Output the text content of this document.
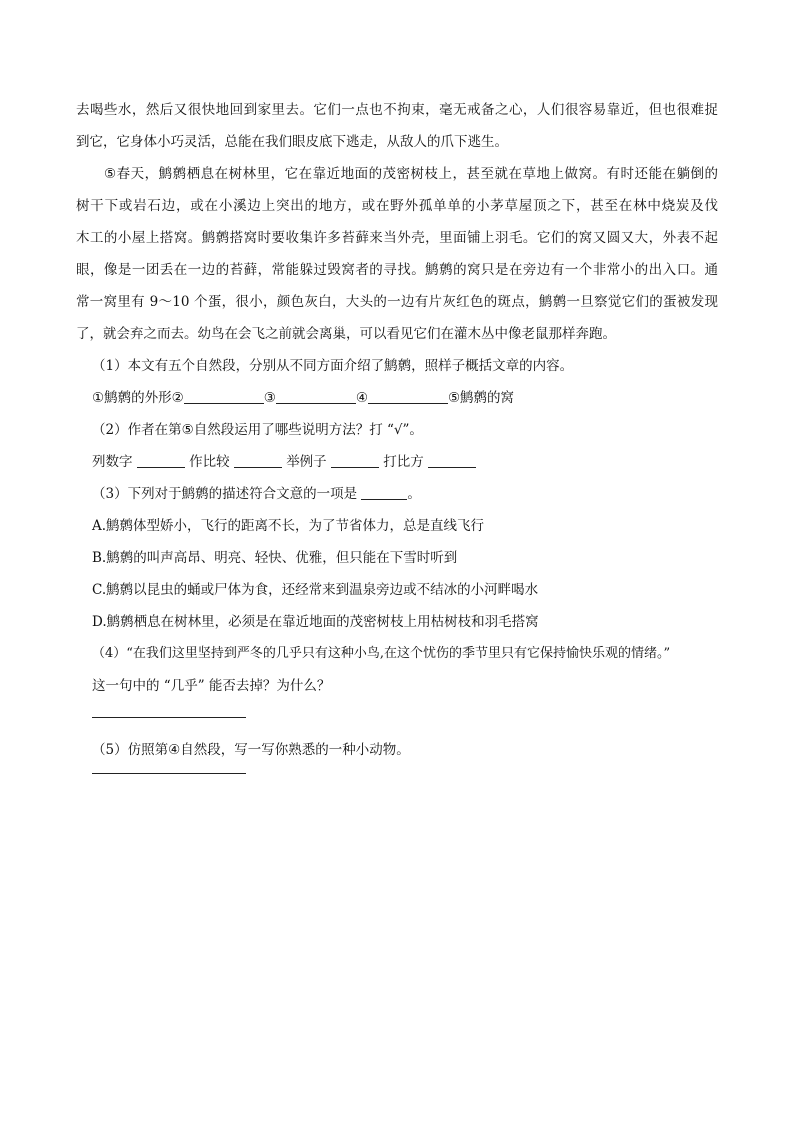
去喝些水，然后又很快地回到家里去。它们一点也不拘束，毫无戒备之心，人们很容易靠近，但也很难捉
到它，它身体小巧灵活，总能在我们眼皮底下逃走，从敌人的爪下逃生。
⑤春天，鹪鹩栖息在树林里，它在靠近地面的茂密树枝上，甚至就在草地上做窝。有时还能在躺倒的
树干下或岩石边，或在小溪边上突出的地方，或在野外孤单单的小茅草屋顶之下，甚至在林中烧炭及伐
木工的小屋上搭窝。鹪鹩搭窝时要收集许多苔藓来当外壳，里面铺上羽毛。它们的窝又圆又大，外表不起
眼，像是一团丢在一边的苔藓，常能躲过毁窝者的寻找。鹪鹩的窝只是在旁边有一个非常小的出入口。通
常一窝里有 9～10 个蛋，很小，颜色灰白，大头的一边有片灰红色的斑点，鹪鹩一旦察觉它们的蛋被发现
了，就会弃之而去。幼鸟在会飞之前就会离巢，可以看见它们在灌木丛中像老鼠那样奔跑。
（1）本文有五个自然段，分别从不同方面介绍了鹪鹩，照样子概括文章的内容。
①鹪鹩的外形②	③	④	⑤鹪鹩的窝
（2）作者在第⑤自然段运用了哪些说明方法？打 “√”。
列数字	作比较	举例子	打比方
（3）下列对于鹪鹩的描述符合文意的一项是	。
A.鹪鹩体型娇小，飞行的距离不长，为了节省体力，总是直线飞行
B.鹪鹩的叫声高昂、明亮、轻快、优雅，但只能在下雪时听到
C.鹪鹩以昆虫的蛹或尸体为食，还经常来到温泉旁边或不结冰的小河畔喝水
D.鹪鹩栖息在树林里，必须是在靠近地面的茂密树枝上用枯树枝和羽毛搭窝
（4）“在我们这里坚持到严冬的几乎只有这种小鸟,在这个忧伤的季节里只有它保持愉快乐观的情绪。”
这一句中的 “几乎” 能否去掉？为什么？
（5）仿照第④自然段，写一写你熟悉的一种小动物。
